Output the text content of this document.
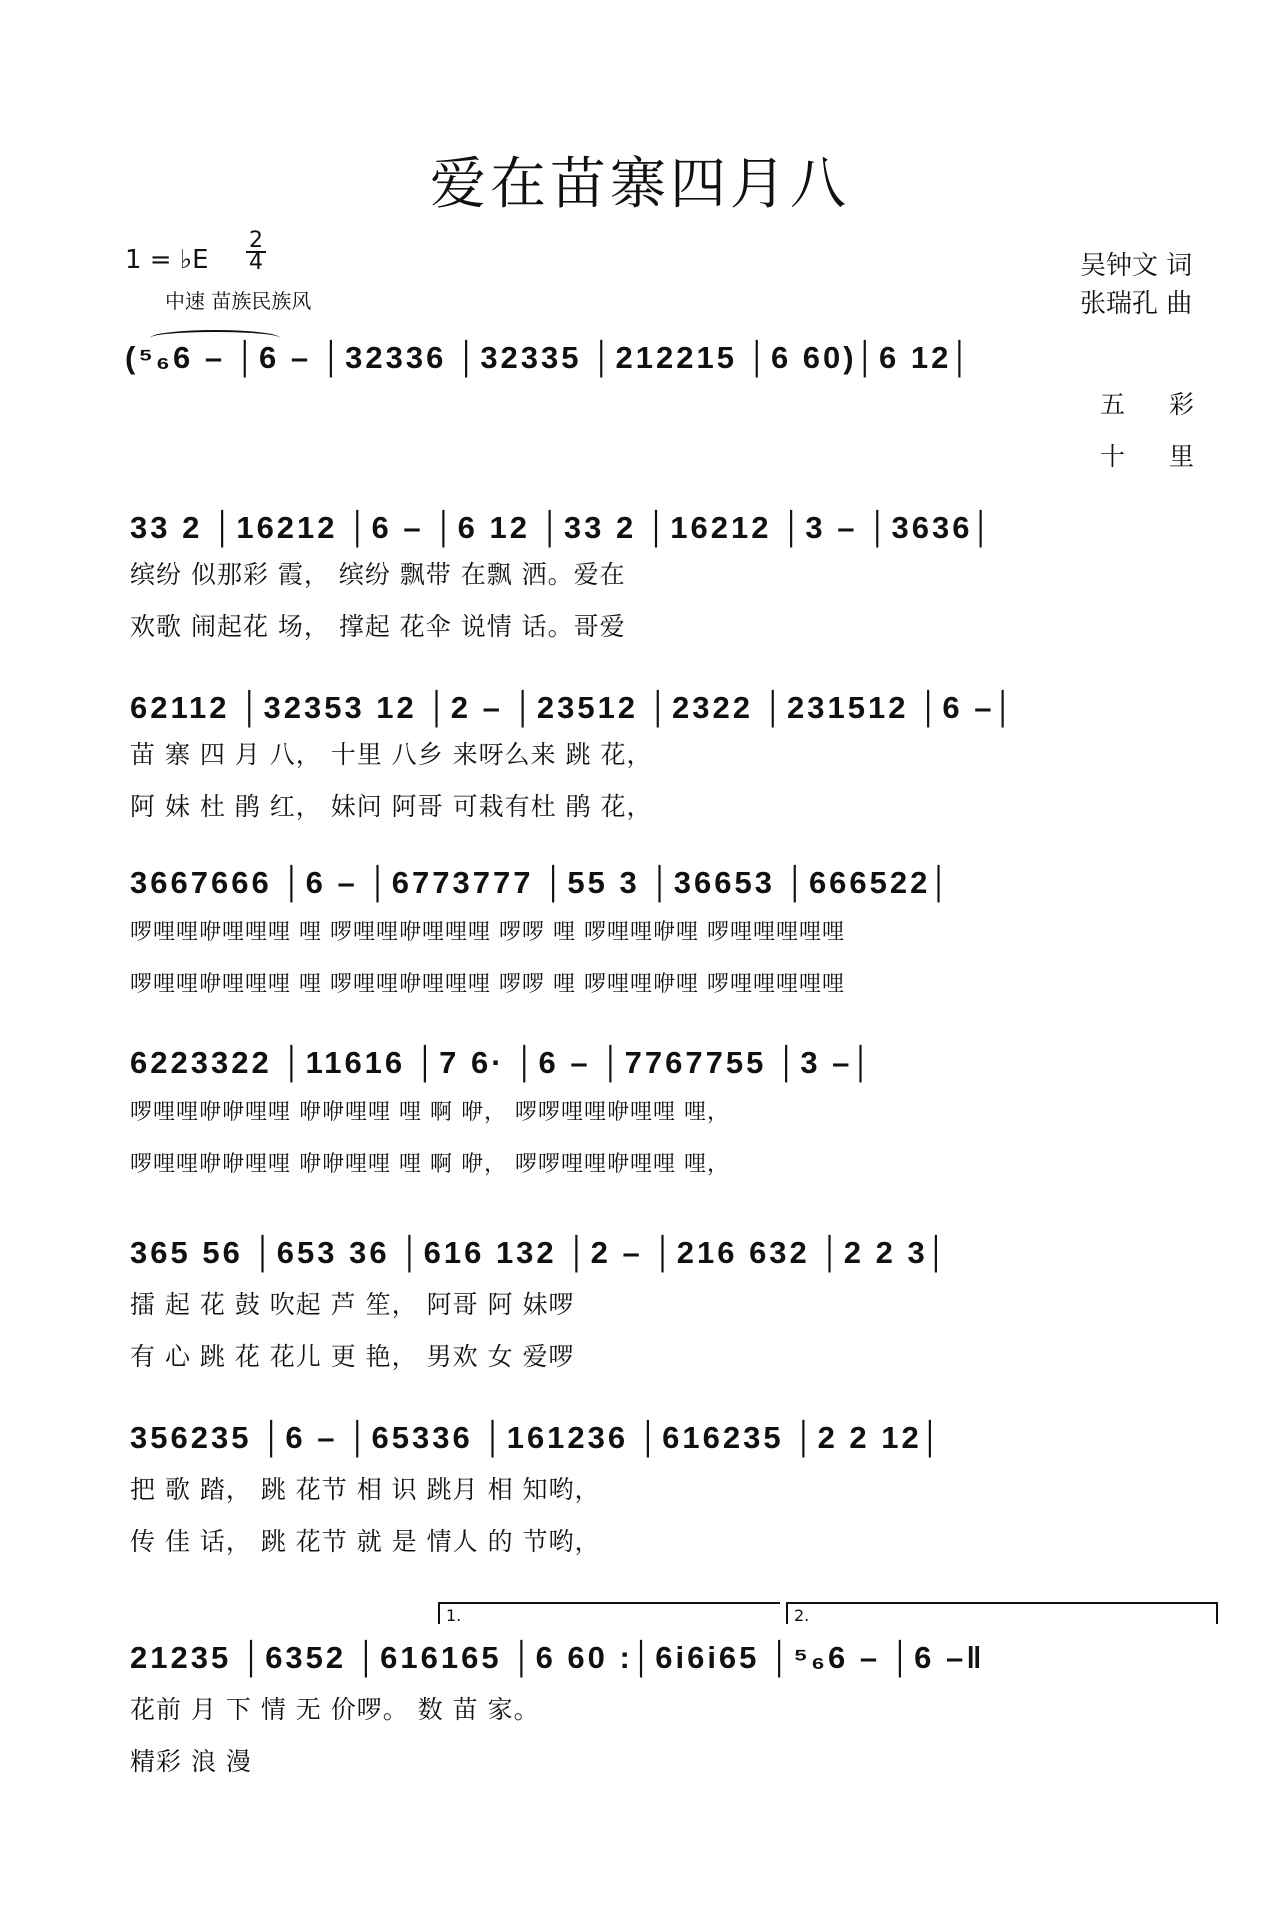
爱在苗寨四月八
1 = ♭E
2
4
中速 苗族民族风
吴钟文 词
张瑞孔 曲
(⁵₆6 – │6 – │32336 │32335 │212215 │6 60)│6 12│
五 彩
十 里
33 2 │16212 │6 – │6 12 │33 2 │16212 │3 – │3636│
缤纷 似那彩 霞， 缤纷 飘带 在飘 洒。爱在
欢歌 闹起花 场， 撑起 花伞 说情 话。哥爱
62112 │32353 12 │2 – │23512 │2322 │231512 │6 –│
苗 寨 四 月 八， 十里 八乡 来呀么来 跳 花，
阿 妹 杜 鹃 红， 妹问 阿哥 可栽有杜 鹃 花，
3667666 │6 – │6773777 │55 3 │36653 │666522│
啰哩哩咿哩哩哩 哩 啰哩哩咿哩哩哩 啰啰 哩 啰哩哩咿哩 啰哩哩哩哩哩
啰哩哩咿哩哩哩 哩 啰哩哩咿哩哩哩 啰啰 哩 啰哩哩咿哩 啰哩哩哩哩哩
6223322 │11616 │7 6· │6 – │7767755 │3 –│
啰哩哩咿咿哩哩 咿咿哩哩 哩 啊 咿， 啰啰哩哩咿哩哩 哩，
啰哩哩咿咿哩哩 咿咿哩哩 哩 啊 咿， 啰啰哩哩咿哩哩 哩，
365 56 │653 36 │616 132 │2 – │216 632 │2 2 3│
擂 起 花 鼓 吹起 芦 笙， 阿哥 阿 妹啰
有 心 跳 花 花儿 更 艳， 男欢 女 爱啰
356235 │6 – │65336 │161236 │616235 │2 2 12│
把 歌 踏， 跳 花节 相 识 跳月 相 知哟，
传 佳 话， 跳 花节 就 是 情人 的 节哟，
1.	2.
21235 │6352 │616165 │6 60 :│6i6i65 │⁵₆6 – │6 –‖
花前 月 下 情 无 价啰。 数 苗 家。
精彩 浪 漫
